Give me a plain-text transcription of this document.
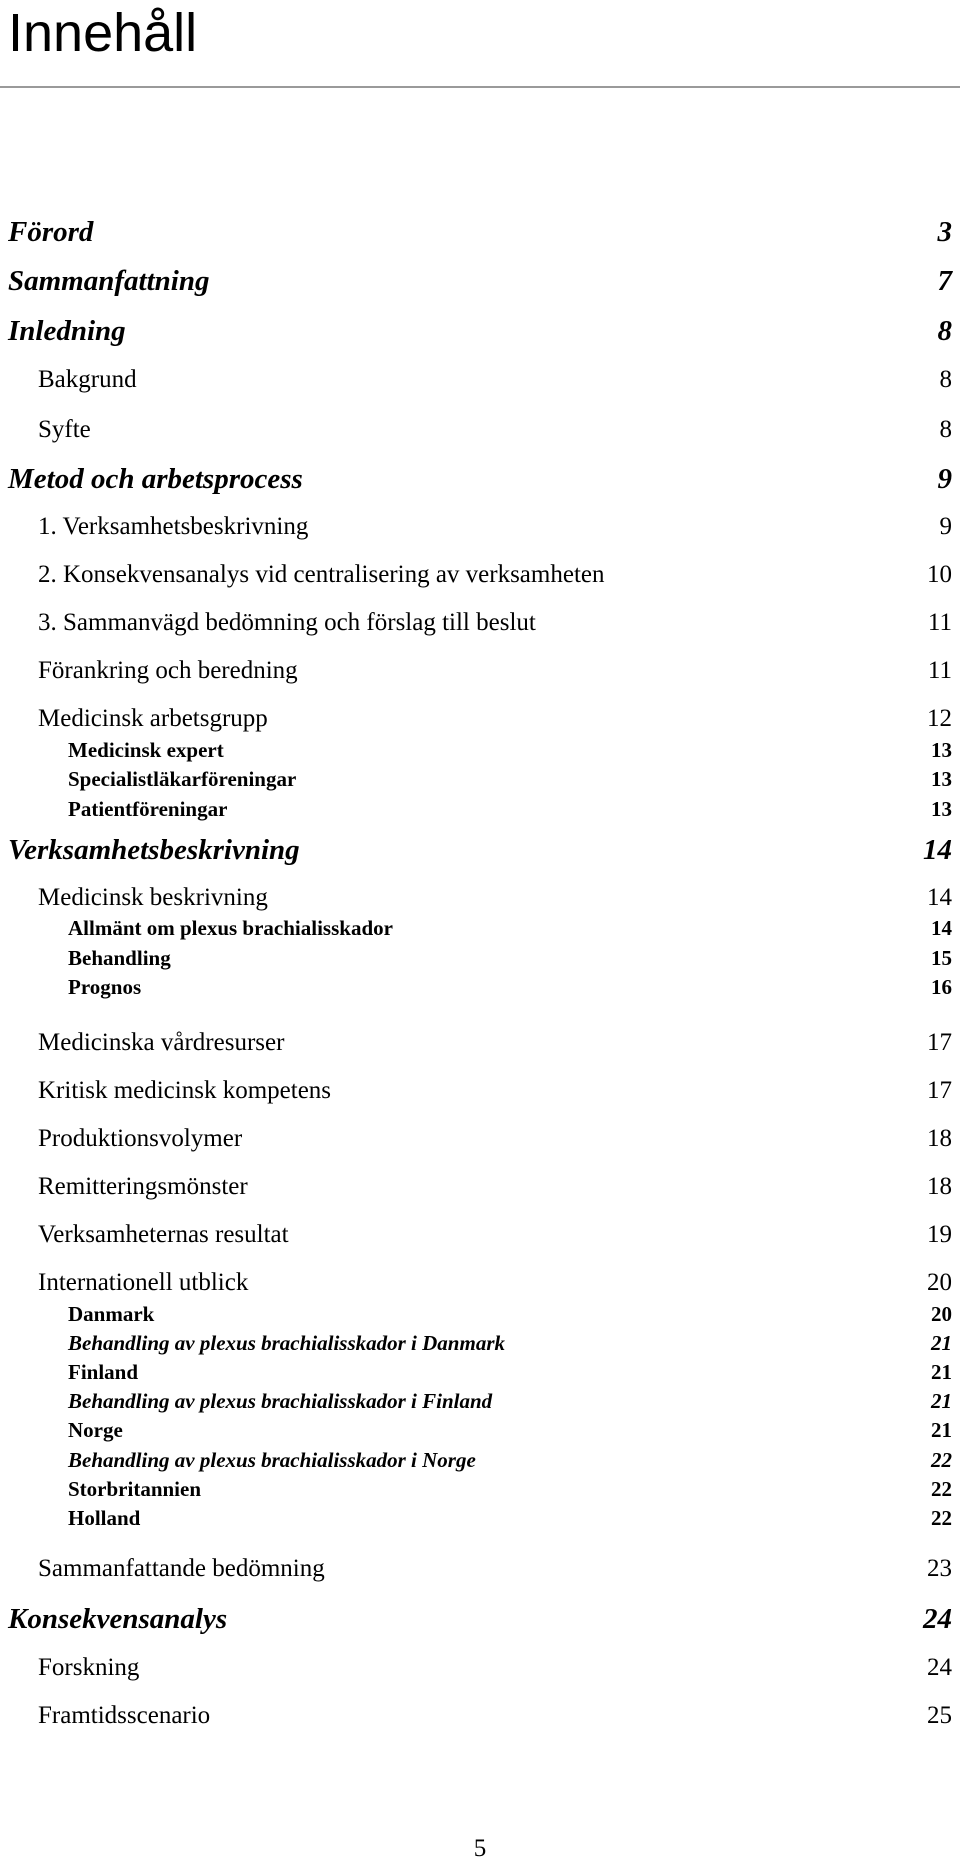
Innehåll
Förord	3
Sammanfattning	7
Inledning	8
Bakgrund	8
Syfte	8
Metod och arbetsprocess	9
1. Verksamhetsbeskrivning	9
2. Konsekvensanalys vid centralisering av verksamheten	10
3. Sammanvägd bedömning och förslag till beslut	11
Förankring och beredning	11
Medicinsk arbetsgrupp	12
Medicinsk expert	13
Specialistläkarföreningar	13
Patientföreningar	13
Verksamhetsbeskrivning	14
Medicinsk beskrivning	14
Allmänt om plexus brachialisskador	14
Behandling	15
Prognos	16
Medicinska vårdresurser	17
Kritisk medicinsk kompetens	17
Produktionsvolymer	18
Remitteringsmönster	18
Verksamheternas resultat	19
Internationell utblick	20
Danmark	20
Behandling av plexus brachialisskador i Danmark	21
Finland	21
Behandling av plexus brachialisskador i Finland	21
Norge	21
Behandling av plexus brachialisskador i Norge	22
Storbritannien	22
Holland	22
Sammanfattande bedömning	23
Konsekvensanalys	24
Forskning	24
Framtidsscenario	25
5
